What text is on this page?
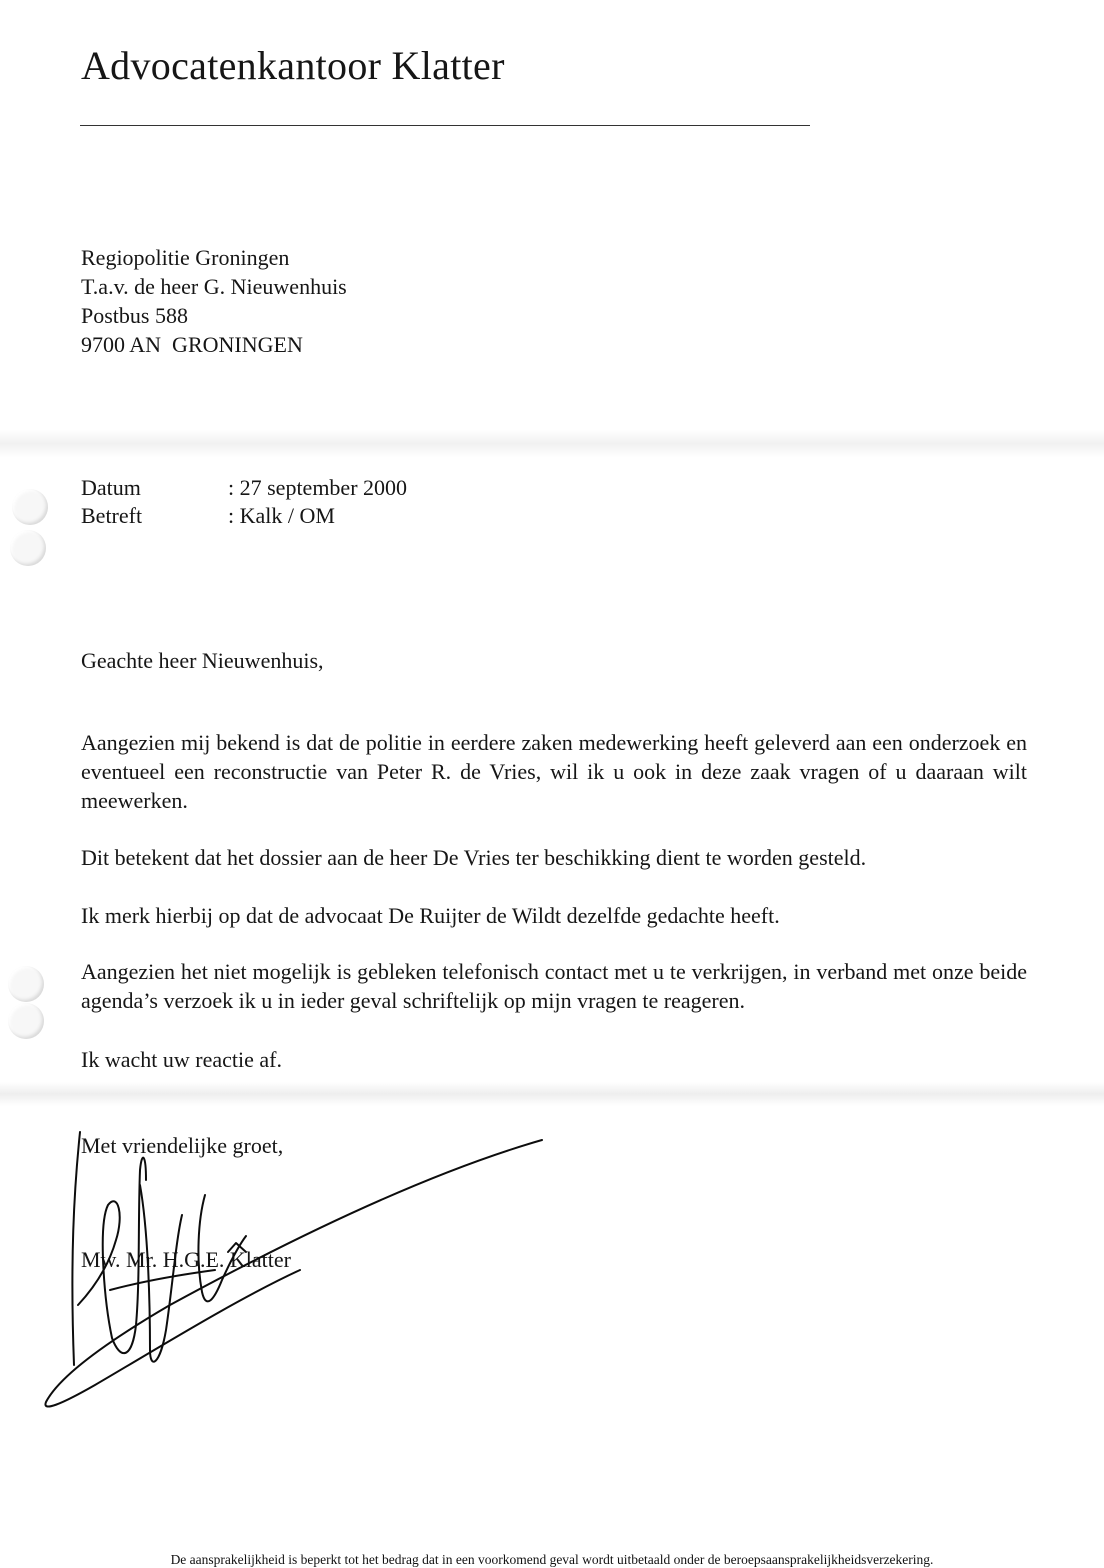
Advocatenkantoor Klatter
Regiopolitie Groningen
T.a.v. de heer G. Nieuwenhuis
Postbus 588
9700 AN  GRONINGEN
Datum	: 27 september 2000
Betreft	: Kalk / OM
Geachte heer Nieuwenhuis,

Aangezien mij bekend is dat de politie in eerdere zaken medewerking heeft geleverd aan een onderzoek en eventueel een reconstructie van Peter R. de Vries, wil ik u ook in deze zaak vragen of u daaraan wilt meewerken.

Dit betekent dat het dossier aan de heer De Vries ter beschikking dient te worden gesteld.

Ik merk hierbij op dat de advocaat De Ruijter de Wildt dezelfde gedachte heeft.

Aangezien het niet mogelijk is gebleken telefonisch contact met u te verkrijgen, in verband met onze beide agenda’s verzoek ik u in ieder geval schriftelijk op mijn vragen te reageren.

Ik wacht uw reactie af.

Met vriendelijke groet,
Mw. Mr. H.G.E. Klatter
De aansprakelijkheid is beperkt tot het bedrag dat in een voorkomend geval wordt uitbetaald onder de beroepsaansprakelijkheidsverzekering.
